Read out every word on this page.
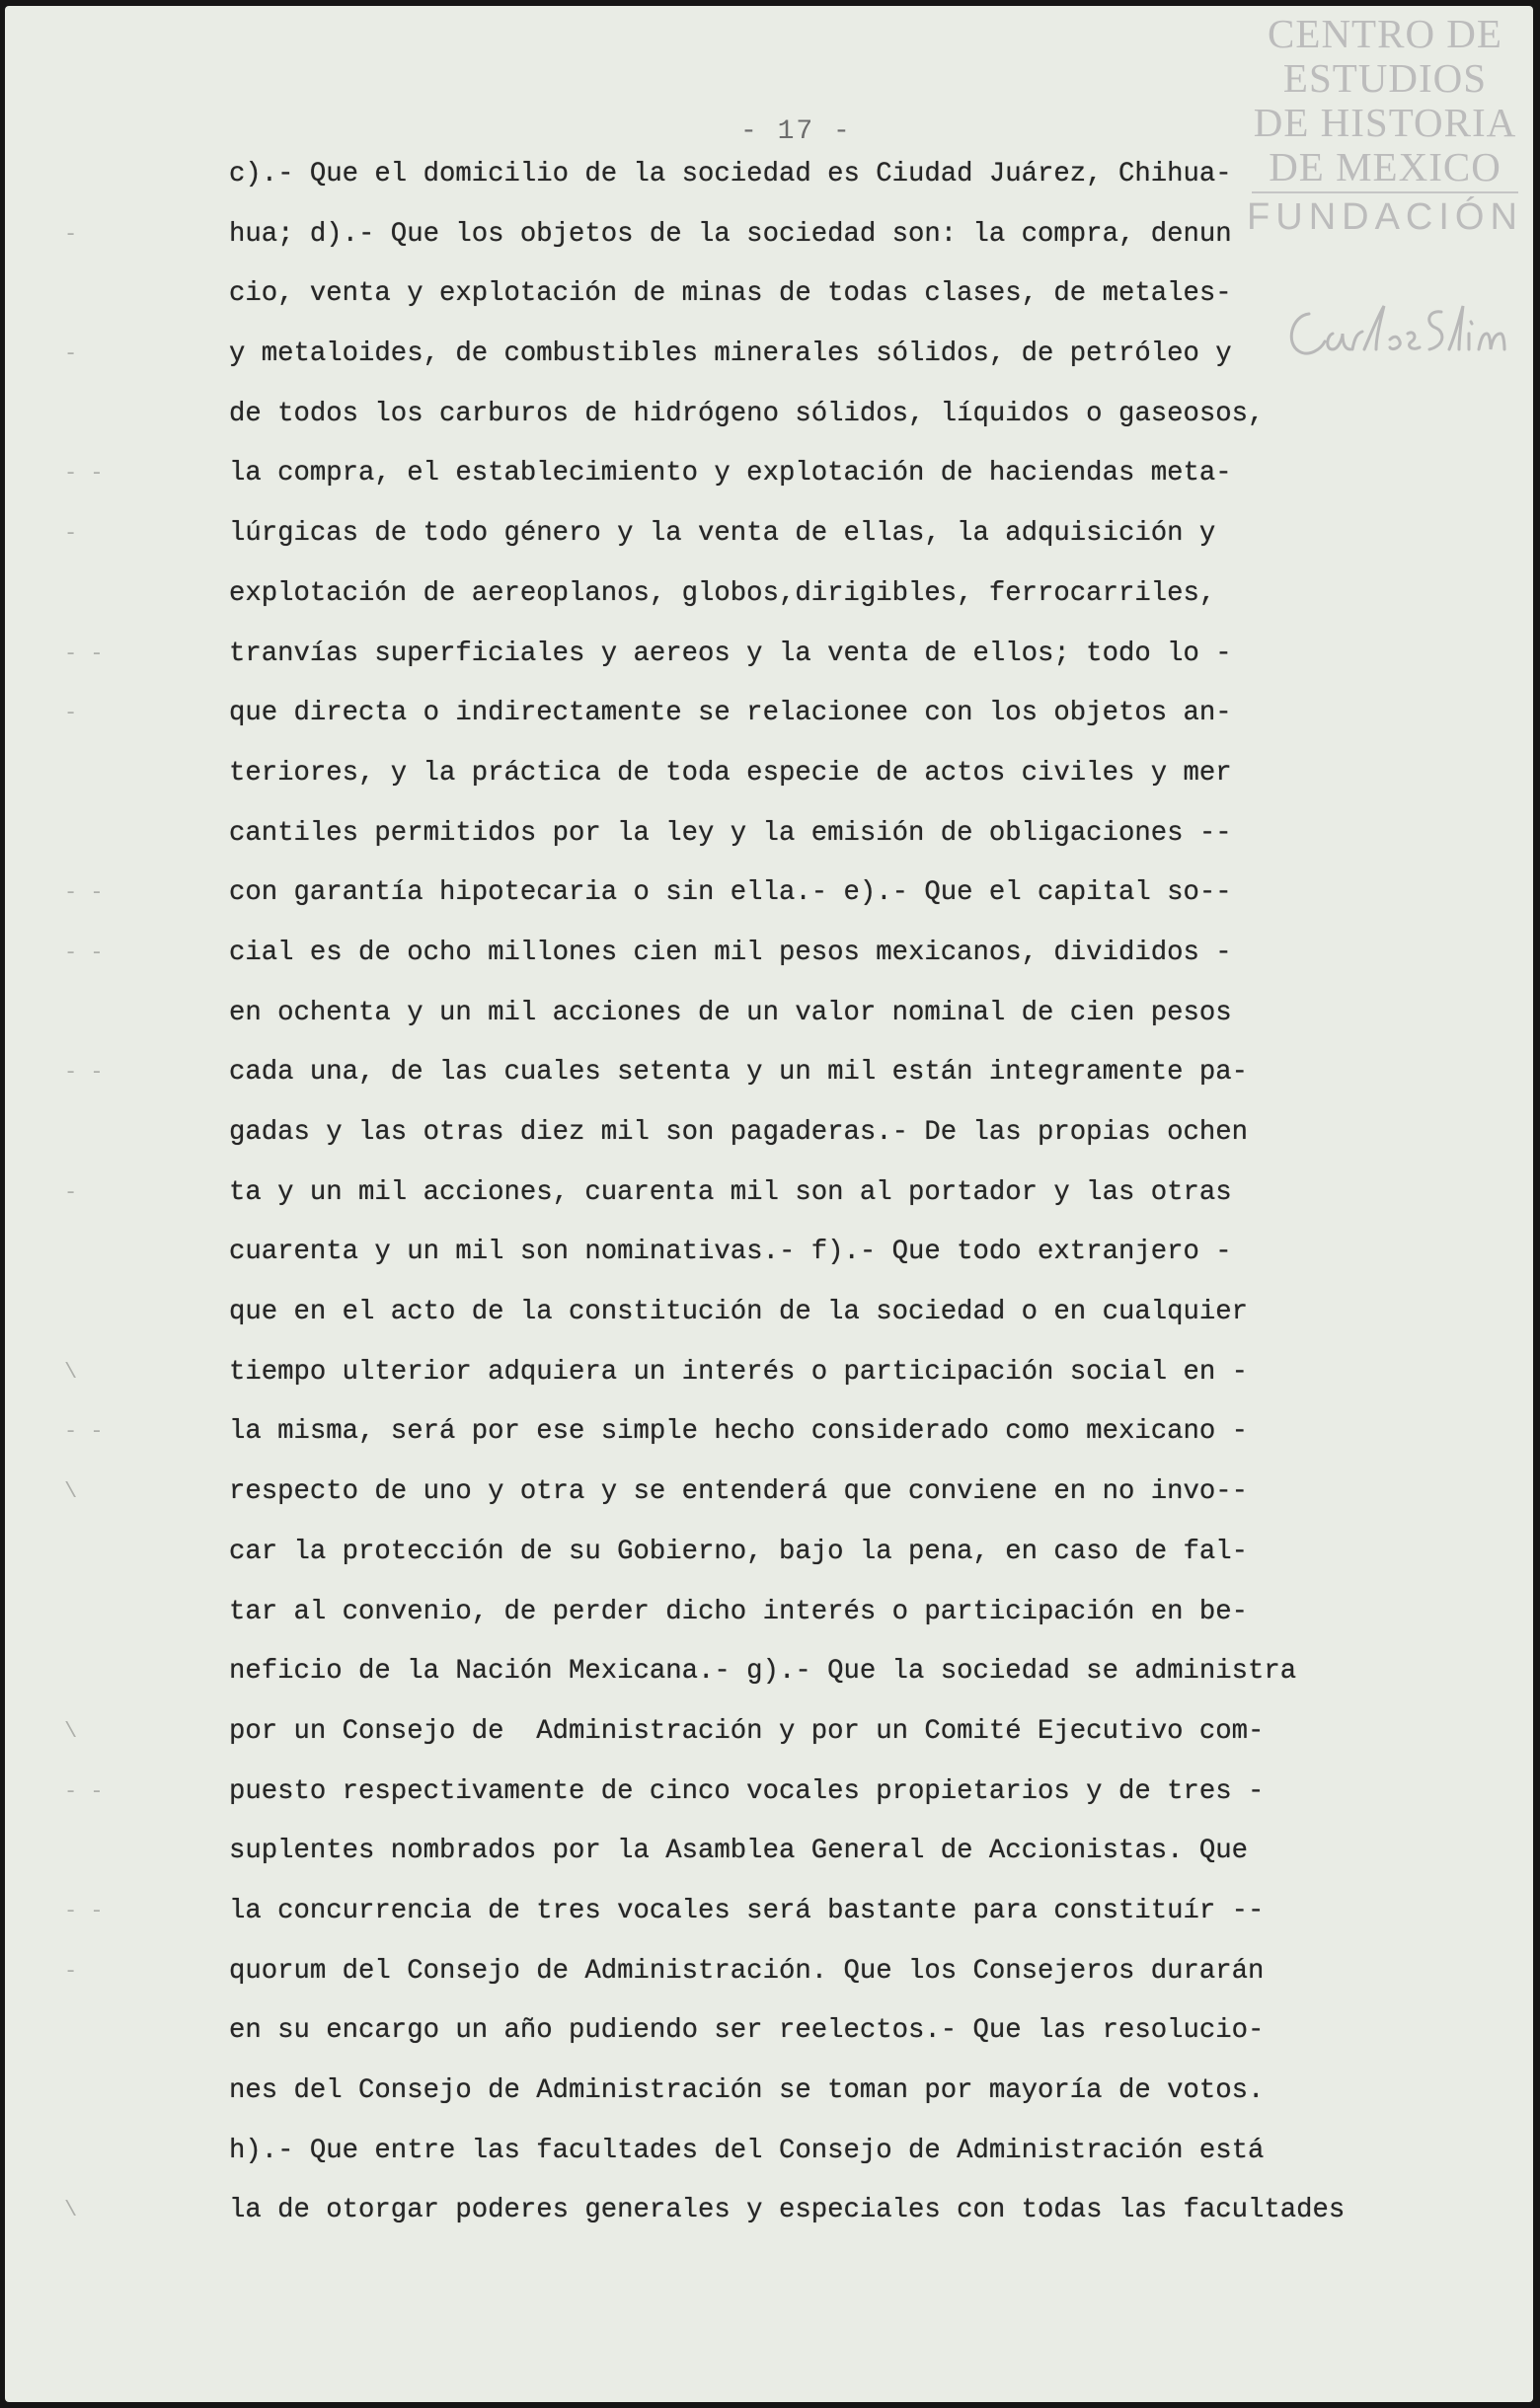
- 17 -
CENTRO DE
ESTUDIOS
DE HISTORIA
DE MEXICO
FUNDACIÓN
-
-
- -
-
- -
-
- -
- -
- -
-
\
- -
\
\
- -
- -
-
\
c).- Que el domicilio de la sociedad es Ciudad Juárez, Chihua-
hua; d).- Que los objetos de la sociedad son: la compra, denun
cio, venta y explotación de minas de todas clases, de metales-
y metaloides, de combustibles minerales sólidos, de petróleo y
de todos los carburos de hidrógeno sólidos, líquidos o gaseosos,
la compra, el establecimiento y explotación de haciendas meta-
lúrgicas de todo género y la venta de ellas, la adquisición y
explotación de aereoplanos, globos,dirigibles, ferrocarriles,
tranvías superficiales y aereos y la venta de ellos; todo lo -
que directa o indirectamente se relacionee con los objetos an-
teriores, y la práctica de toda especie de actos civiles y mer
cantiles permitidos por la ley y la emisión de obligaciones --
con garantía hipotecaria o sin ella.- e).- Que el capital so--
cial es de ocho millones cien mil pesos mexicanos, divididos -
en ochenta y un mil acciones de un valor nominal de cien pesos
cada una, de las cuales setenta y un mil están integramente pa-
gadas y las otras diez mil son pagaderas.- De las propias ochen
ta y un mil acciones, cuarenta mil son al portador y las otras
cuarenta y un mil son nominativas.- f).- Que todo extranjero -
que en el acto de la constitución de la sociedad o en cualquier
tiempo ulterior adquiera un interés o participación social en -
la misma, será por ese simple hecho considerado como mexicano -
respecto de uno y otra y se entenderá que conviene en no invo--
car la protección de su Gobierno, bajo la pena, en caso de fal-
tar al convenio, de perder dicho interés o participación en be-
neficio de la Nación Mexicana.- g).- Que la sociedad se administra
por un Consejo de  Administración y por un Comité Ejecutivo com-
puesto respectivamente de cinco vocales propietarios y de tres -
suplentes nombrados por la Asamblea General de Accionistas. Que
la concurrencia de tres vocales será bastante para constituír --
quorum del Consejo de Administración. Que los Consejeros durarán
en su encargo un año pudiendo ser reelectos.- Que las resolucio-
nes del Consejo de Administración se toman por mayoría de votos.
h).- Que entre las facultades del Consejo de Administración está
la de otorgar poderes generales y especiales con todas las facultades
